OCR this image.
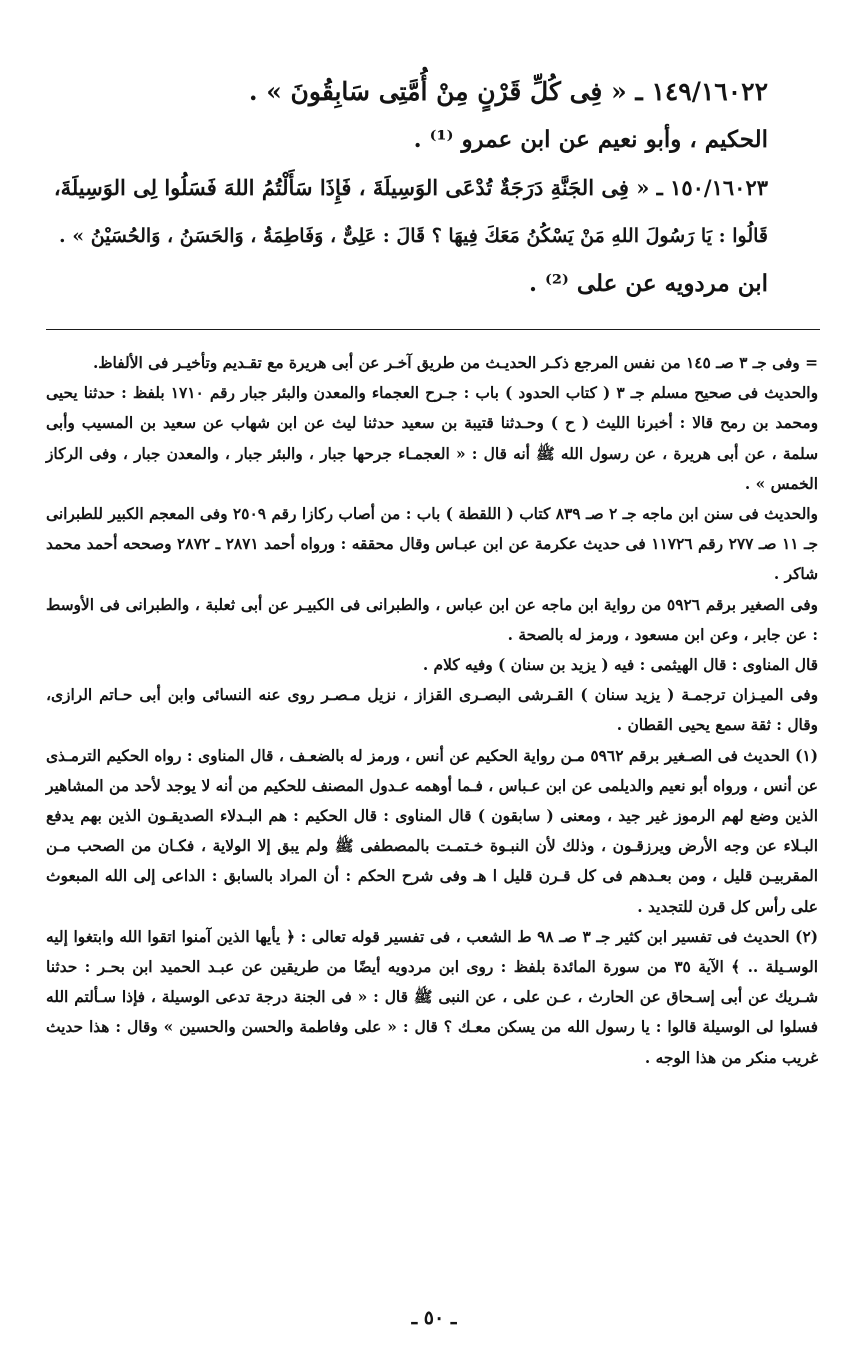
١٤٩/١٦٠٢٢ ـ « فِى كُلِّ قَرْنٍ مِنْ أُمَّتِى سَابِقُونَ » .

الحكيم ، وأبو نعيم عن ابن عمرو ⁽¹⁾ .

١٥٠/١٦٠٢٣ ـ « فِى الجَنَّةِ دَرَجَةٌ تُدْعَى الوَسِيلَةَ ، فَإِذَا سَأَلْتُمُ اللهَ فَسَلُوا لِى الوَسِيلَةَ،

قَالُوا : يَا رَسُولَ اللهِ مَنْ يَسْكُنُ مَعَكَ فِيهَا ؟ قَالَ : عَلِىٌّ ، وَفَاطِمَةُ ، وَالحَسَنُ ، وَالحُسَيْنُ » .

ابن مردويه عن على ⁽²⁾ .

= وفى جـ ٣ صـ ١٤٥ من نفس المرجع ذكـر الحديـث من طريق آخـر عن أبى هريرة مع تقـديم وتأخيـر فى الألفاظ.

والحديث فى صحيح مسلم جـ ٣ ( كتاب الحدود ) باب : جـرح العجماء والمعدن والبئر جبار رقم ١٧١٠ بلفظ : حدثنا يحيى ومحمد بن رمح قالا : أخبرنا الليث ( ح ) وحـدثنا قتيبة بن سعيد حدثنا ليث عن ابن شهاب عن سعيد بن المسيب وأبى سلمة ، عن أبى هريرة ، عن رسول الله ﷺ أنه قال : « العجمـاء جرحها جبار ، والبئر جبار ، والمعدن جبار ، وفى الركاز الخمس » .

والحديث فى سنن ابن ماجه جـ ٢ صـ ٨٣٩ كتاب ( اللقطة ) باب : من أصاب ركازا رقم ٢٥٠٩ وفى المعجم الكبير للطبرانى جـ ١١ صـ ٢٧٧ رقم ١١٧٢٦ فى حديث عكرمة عن ابن عبـاس وقال محققه : ورواه أحمد ٢٨٧١ ـ ٢٨٧٢ وصححه أحمد محمد شاكر .

وفى الصغير برقم ٥٩٢٦ من رواية ابن ماجه عن ابن عباس ، والطبرانى فى الكبيـر عن أبى ثعلبة ، والطبرانى فى الأوسط : عن جابر ، وعن ابن مسعود ، ورمز له بالصحة .

قال المناوى : قال الهيثمى : فيه ( يزيد بن سنان ) وفيه كلام .

وفى الميـزان ترجمـة ( يزيد سنان ) القـرشى البصـرى القزاز ، نزيل مـصـر روى عنه النسائى وابن أبى حـاتم الرازى، وقال : ثقة سمع يحيى القطان .

(١) الحديث فى الصـغير برقم ٥٩٦٢ مـن رواية الحكيم عن أنس ، ورمز له بالضعـف ، قال المناوى : رواه الحكيم الترمـذى عن أنس ، ورواه أبو نعيم والديلمى عن ابن عـباس ، فـما أوهمه عـدول المصنف للحكيم من أنه لا يوجد لأحد من المشاهير الذين وضع لهم الرموز غير جيد ، ومعنى ( سابقون ) قال المناوى : قال الحكيم : هم البـدلاء الصديقـون الذين بهم يدفع البـلاء عن وجه الأرض ويرزقـون ، وذلك لأن النبـوة خـتمـت بالمصطفى ﷺ ولم يبق إلا الولاية ، فكـان من الصحب مـن المقربيـن قليل ، ومن بعـدهم فى كل قـرن قليل ا هـ وفى شرح الحكم : أن المراد بالسابق : الداعى إلى الله المبعوث على رأس كل قرن للتجديد .

(٢) الحديث فى تفسير ابن كثير جـ ٣ صـ ٩٨ ط الشعب ، فى تفسير قوله تعالى : ﴿ يأيها الذين آمنوا اتقوا الله وابتغوا إليه الوسـيلة .. ﴾ الآية ٣٥ من سورة المائدة بلفظ : روى ابن مردويه أيضًا من طريقين عن عبـد الحميد ابن بحـر : حدثنا شـريك عن أبى إسـحاق عن الحارث ، عـن على ، عن النبى ﷺ قال : « فى الجنة درجة تدعى الوسيلة ، فإذا سـألتم الله فسلوا لى الوسيلة قالوا : يا رسول الله من يسكن معـك ؟ قال : « على وفاطمة والحسن والحسين » وقال : هذا حديث غريب منكر من هذا الوجه .

ـ ٥٠ ـ
